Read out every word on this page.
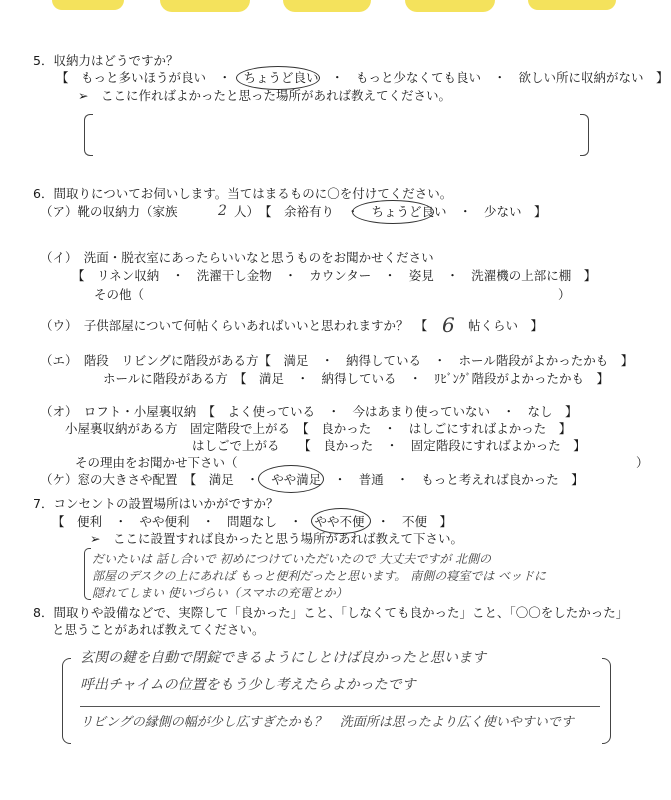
5．収納力はどうですか？
【　もっと多いほうが良い　・　ちょうど良い　・　もっと少なくても良い　・　欲しい所に収納がない　】
➢　ここに作ればよかったと思った場所があれば教えてください。
6．間取りについてお伺いします。当てはまるものに〇を付けてください。
（ア）靴の収納力（家族	2 人）　【　余裕有り　・　ちょうど良い　・　少ない　】
（イ）　洗面・脱衣室にあったらいいなと思うものをお聞かせください
【　リネン収納　・　洗濯干し金物　・　カウンター　・　姿見　・　洗濯機の上部に棚　】
その他（	）
（ウ）　子供部屋について何帖くらいあればいいと思われますか？　【 6 帖くらい　】
（エ）　階段　リビングに階段がある方【　満足　・　納得している　・　ホール階段がよかったかも　】
ホールに階段がある方　【　満足　・　納得している　・　ﾘﾋﾞﾝｸﾞ階段がよかったかも　】
（オ）　ロフト・小屋裏収納　【　よく使っている　・　今はあまり使っていない　・　なし　】
小屋裏収納がある方　固定階段で上がる　【　良かった　・　はしごにすればよかった　】
はしごで上がる　　【　良かった　・　固定階段にすればよかった　】
その理由をお聞かせ下さい（	）
（ケ）窓の大きさや配置　【　満足　・　やや満足　・　普通　・　もっと考えれば良かった　】
7．コンセントの設置場所はいかがですか？
【　便利　・　やや便利　・　問題なし　・　やや不便　・　不便　】
➢　ここに設置すれば良かったと思う場所があれば教えて下さい。
だいたいは 話し合いで 初めにつけていただいたので 大丈夫ですが 北側の
部屋のデスクの上にあれば もっと便利だったと思います。 南側の寝室では ベッドに
隠れてしまい 使いづらい（スマホの充電とか）
8．間取りや設備などで、実際して「良かった」こと、「しなくても良かった」こと、「〇〇をしたかった」
と思うことがあれば教えてください。
玄関の鍵を自動で閉錠できるようにしとけば良かったと思います
呼出チャイムの位置をもう少し考えたらよかったです
リビングの縁側の幅が少し広すぎたかも？　洗面所は思ったより広く使いやすいです
